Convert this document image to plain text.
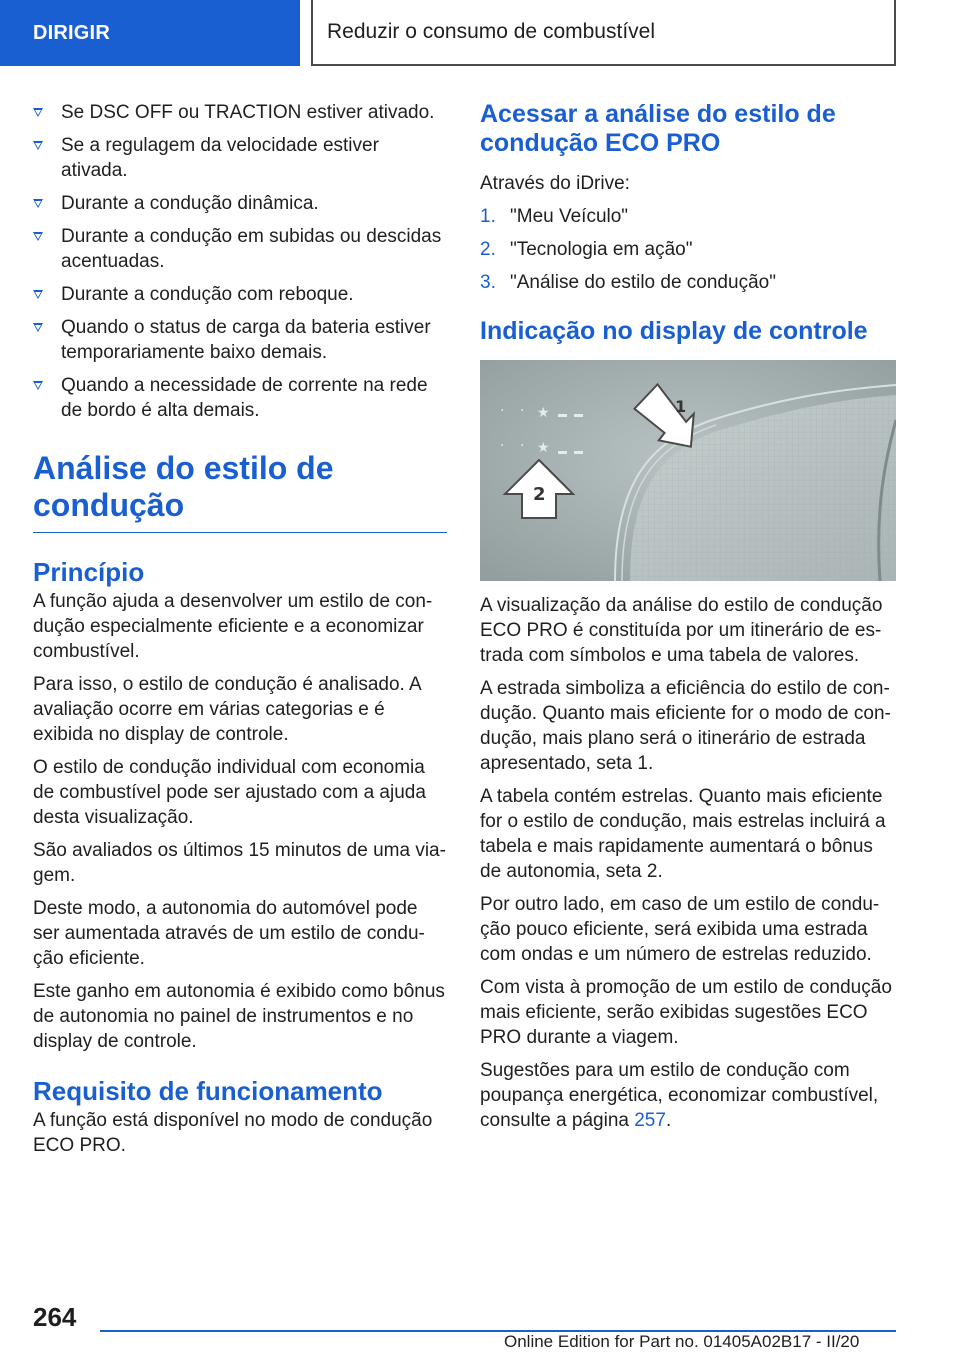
DIRIGIR	Reduzir o consumo de combustível
Se DSC OFF ou TRACTION estiver ativado.
Se a regulagem da velocidade estiver ativada.
Durante a condução dinâmica.
Durante a condução em subidas ou descidas acentuadas.
Durante a condução com reboque.
Quando o status de carga da bateria estiver temporariamente baixo demais.
Quando a necessidade de corrente na rede de bordo é alta demais.
Análise do estilo de condução
Princípio

A função ajuda a desenvolver um estilo de con-dução especialmente eficiente e a economizar combustível.

Para isso, o estilo de condução é analisado. A avaliação ocorre em várias categorias e é exibida no display de controle.

O estilo de condução individual com economia de combustível pode ser ajustado com a ajuda desta visualização.

São avaliados os últimos 15 minutos de uma via-gem.

Deste modo, a autonomia do automóvel pode ser aumentada através de um estilo de condu-ção eficiente.

Este ganho em autonomia é exibido como bônus de autonomia no painel de instrumentos e no display de controle.

Requisito de funcionamento

A função está disponível no modo de condução ECO PRO.

Acessar a análise do estilo de condução ECO PRO

Através do iDrive:

1. "Meu Veículo"
2. "Tecnologia em ação"
3. "Análise do estilo de condução"
Indicação no display de controle
· · ★
· · ★
1
2

A visualização da análise do estilo de condução ECO PRO é constituída por um itinerário de es-trada com símbolos e uma tabela de valores.

A estrada simboliza a eficiência do estilo de con-dução. Quanto mais eficiente for o modo de con-dução, mais plano será o itinerário de estrada apresentado, seta 1.

A tabela contém estrelas. Quanto mais eficiente for o estilo de condução, mais estrelas incluirá a tabela e mais rapidamente aumentará o bônus de autonomia, seta 2.

Por outro lado, em caso de um estilo de condu-ção pouco eficiente, será exibida uma estrada com ondas e um número de estrelas reduzido.

Com vista à promoção de um estilo de condução mais eficiente, serão exibidas sugestões ECO PRO durante a viagem.

Sugestões para um estilo de condução com poupança energética, economizar combustível, consulte a página 257.

264
Online Edition for Part no. 01405A02B17 - II/20
